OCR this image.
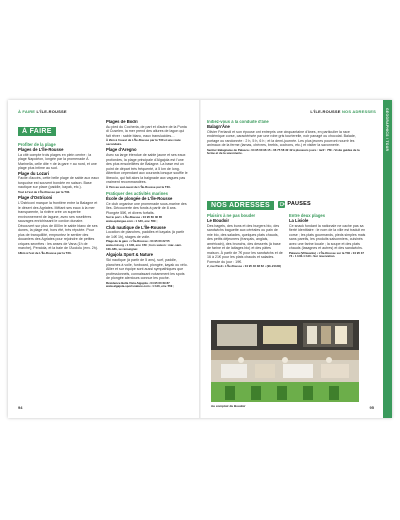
À FAIRE L'ÎLE-ROUSSE
À FAIRE
Profiter de la plage
Plages de L'Île-Rousse
La cité compte trois plages en plein centre : la plage Napoléon, longée par la promenade À Marinella, celle dite « de la gare » au nord, et une plage plus intime au sud.
Plage du Lozari
Facile d'accès, cette belle plage de sable aux eaux turquoise est souvent bondée en saison. Base nautique sur place (paddle, kayak, etc.).
Tout à l'est de L'Île-Rousse par la T30.
Plage d'Ostriconi
L'Ostriconi marque la frontière entre la Balagne et le désert des Agriates. Mêlant ses eaux à la mer transparente, la rivière crée un superbe environnement de lagune, avec ses roselières sauvages enrichissant le cordon dunaire. Découvert sur plus de 800m le sable blanc de ses dunes, la plage est, hors été, très réputée. Pour plus de tranquillité, empruntez le sentier des douaniers des Agriates pour rejoindre de petites criques secrètes : les anses de Vana (1h de marche), Peraiola, et la baie de l'Acciolu (env. 2h).
18km à l'est de L'Île-Rousse par la T30.
Plages de Bodri
Au pied du Cocheria, de part et d'autre de la Punta di Cuselen, la mer prend des allures de lagon qui fait rêver : sable blanc, eaux translucides…
À 2km à l'ouest de L'Île-Rousse par la T30 et une route secondaire.
Plage d'Aregno
Avec sa large étendue de sable jaune et ses eaux profondes, la plage principale d'Algajola est l'une des plus ensoleillées de Balagne. La base est un point de départ très fréquenté, à 5 km de long. Attention cependant aux courants lorsque souffle le libeccio, qui fait alors la baignade aux vagues pas vraiment recommandées.
À 7km au sud-ouest de L'Île-Rousse par la T30.
Pratiquer des activités marines
École de plongée de L'Île-Rousse
Ce club organise une promenade sous-marine des îles. Découverte des fonds à partir de 8 ans. Plongée 55€, et divers forfaits.
Sur le port • L'Île-Rousse • 04 95 60 36 85 www.eplongee.com • 1 h40, env. 55€ ;
Club nautique de L'Île-Rousse
Location de planches, paddles et kayaks (à partir de 14€ 1h), stages de voile.
Plage de la gare • L'Île-Rousse • 04 95 60 22 55 www.cnir.org • 1 h30, env. 15€ ; hors saison : mar.-sam. 10h-18h, se renseigner.
Algajola Sport & Nature
Ski nautique (à partir de 5 ans), surf, paddle, planches à voile, funboard, plongée, kayak ou vélo. Allier et sur équipe sont aussi sympathiques que professionnels, connaissant notamment les spots de plongée alentours connue les poche.
Résidence Bella Vista Algajola • 04 95 60 69 87 www.algajola-sportsnature.com • 1 h40, env. 55€ ;
94
L'ÎLE-ROUSSE NOS ADRESSES
Initiez-vous à la conduite d'âne
Balagn'Âne
Olivier Ferlandi et son épouse ont entrepris une cinquantaine d'ânes, en particulier la race endémique corse, caractérisée par une robe gris tourterelle, noir panagé ou chocolat. Balade, portage ou randonnée : 2 h, 5 h, 6 h ; et la demi-journée. Les plus jeunes pourront nourrir les animaux de la ferme (lamas, chèvres, brebis, cochons, etc.) et visiter la savonnerie.
Sentier Balagnaise de Palasca • 04 95 60 96 15 • 06 75 58 32 42 à plusieurs jours : tarif : 75€ • Visite guidée de la ferme et de la savonnerie.
NOS ADRESSES	PAUSES
Plaisirs à ne pas bouder
Le Boudoir
Des bagels, des buns et des burgers bio, des sandwichs baguette aux céréales ou pain de mie bio, des salades, quelques plats chauds, des petits déjeuners (français, anglais, américain), des brunchs, des desserts (à base de farine et de laitages bio) et des pâtes maison. À partir de 7€ pour les sandwichs et de 16 à 21€ pour les plats chauds et salades. Formule du jour : 19€.
2, rue Paoli • L'Île-Rousse • 04 95 46 38 62 • (9h-21h30)
Entre deux plages
La Lisiole
Ce snack fondant la nationale ne cache pas sa fierté identitaire : le nom de la ville est traduit en corse ; les plats gourmands, pieds simples mais sans pareils, les produits saisonniers, cuisinés avec une farine locale ; la soupe et des plats chauds (lasagnes et autres) et des sandwichs.
Palasca (Villasantu) • L'Île-Rousse sur la T30 • 04 95 37 73 • 1 h30-1 h40 • Sur réservation.
Au comptoir du Boudoir	95
GEOGRAPHICS / TOUR
